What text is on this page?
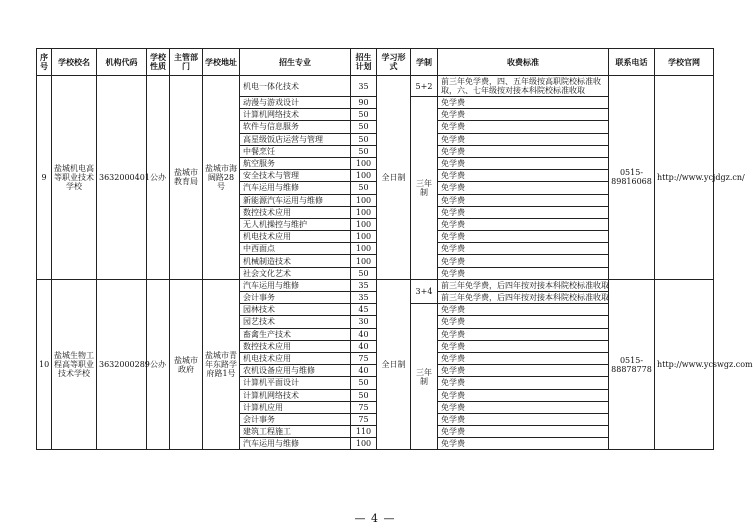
序号	学校校名	机构代码	学校性质	主管部门	学校地址	招生专业	招生计划	学习形式	学制	收费标准	联系电话	学校官网
9	盐城机电高等职业技术学校	3632000401	公办	盐城市教育局	盐城市海阔路28号	机电一体化技术	35	全日制	5+2	前三年免学费，四、五年级按高职院校标准收取，六、七年级按对接本科院校标准收取	0515-89816068	http://www.yсjdgz.cn/
						动漫与游戏设计	90		三年制	免学费		
						计算机网络技术	50			免学费		
						软件与信息服务	50			免学费		
						高星级饭店运营与管理	50			免学费		
						中餐烹饪	50			免学费		
						航空服务	100			免学费		
						安全技术与管理	100			免学费		
						汽车运用与维修	50			免学费		
						新能源汽车运用与维修	100			免学费		
						数控技术应用	100			免学费		
						无人机操控与维护	100			免学费		
						机电技术应用	100			免学费		
						中西面点	100			免学费		
						机械制造技术	100			免学费		
						社会文化艺术	50			免学费		
10	盐城生物工程高等职业技术学校	3632000289	公办	盐城市政府	盐城市青年东路学府路1号	汽车运用与维修	35	全日制	3+4	前三年免学费，后四年按对接本科院校标准收取	0515-88878778	http://www.ycswgz.com
						会计事务	35			前三年免学费，后四年按对接本科院校标准收取		
						园林技术	45		三年制	免学费		
						园艺技术	30			免学费		
						畜禽生产技术	40			免学费		
						数控技术应用	40			免学费		
						机电技术应用	75			免学费		
						农机设备应用与维修	40			免学费		
						计算机平面设计	50			免学费		
						计算机网络技术	50			免学费		
						计算机应用	75			免学费		
						会计事务	75			免学费		
						建筑工程施工	110			免学费		
						汽车运用与维修	100			免学费		
— 4 —
